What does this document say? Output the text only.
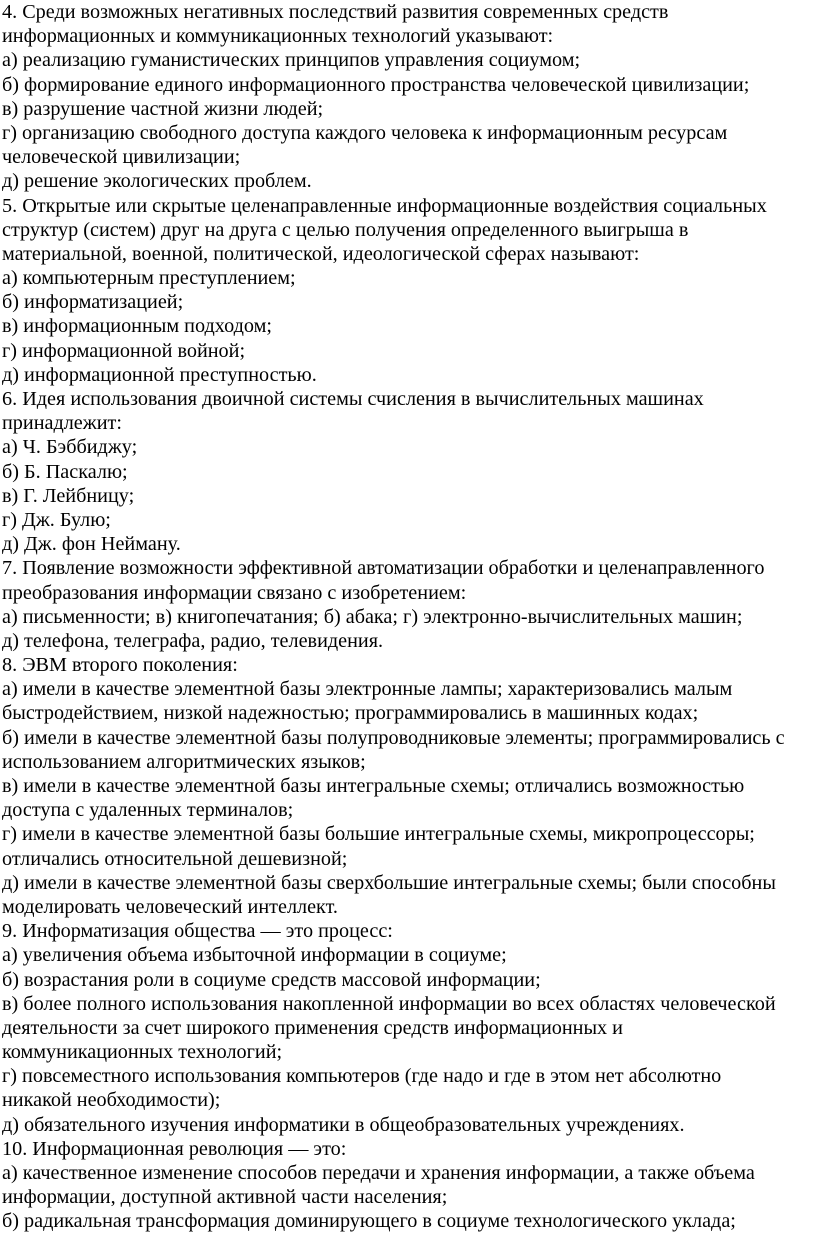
4. Среди возможных негативных последствий развития современных средств
информационных и коммуникационных технологий указывают:
а) реализацию гуманистических принципов управления социумом;
б) формирование единого информационного пространства человеческой цивилизации;
в) разрушение частной жизни людей;
г) организацию свободного доступа каждого человека к информационным ресурсам
человеческой цивилизации;
д) решение экологических проблем.
5. Открытые или скрытые целенаправленные информационные воздействия социальных
структур (систем) друг на друга с целью получения определенного выигрыша в
материальной, военной, политической, идеологической сферах называют:
а) компьютерным преступлением;
б) информатизацией;
в) информационным подходом;
г) информационной войной;
д) информационной преступностью.
6. Идея использования двоичной системы счисления в вычислительных машинах
принадлежит:
а) Ч. Бэббиджу;
б) Б. Паскалю;
в) Г. Лейбницу;
г) Дж. Булю;
д) Дж. фон Нейману.
7. Появление возможности эффективной автоматизации обработки и целенаправленного
преобразования информации связано с изобретением:
а) письменности; в) книгопечатания; б) абака; г) электронно-вычислительных машин;
д) телефона, телеграфа, радио, телевидения.
8. ЭВМ второго поколения:
а) имели в качестве элементной базы электронные лампы; характеризовались малым
быстродействием, низкой надежностью; программировались в машинных кодах;
б) имели в качестве элементной базы полупроводниковые элементы; программировались с
использованием алгоритмических языков;
в) имели в качестве элементной базы интегральные схемы; отличались возможностью
доступа с удаленных терминалов;
г) имели в качестве элементной базы большие интегральные схемы, микропроцессоры;
отличались относительной дешевизной;
д) имели в качестве элементной базы сверхбольшие интегральные схемы; были способны
моделировать человеческий интеллект.
9. Информатизация общества — это процесс:
а) увеличения объема избыточной информации в социуме;
б) возрастания роли в социуме средств массовой информации;
в) более полного использования накопленной информации во всех областях человеческой
деятельности за счет широкого применения средств информационных и
коммуникационных технологий;
г) повсеместного использования компьютеров (где надо и где в этом нет абсолютно
никакой необходимости);
д) обязательного изучения информатики в общеобразовательных учреждениях.
10. Информационная революция — это:
а) качественное изменение способов передачи и хранения информации, а также объема
информации, доступной активной части населения;
б) радикальная трансформация доминирующего в социуме технологического уклада;
